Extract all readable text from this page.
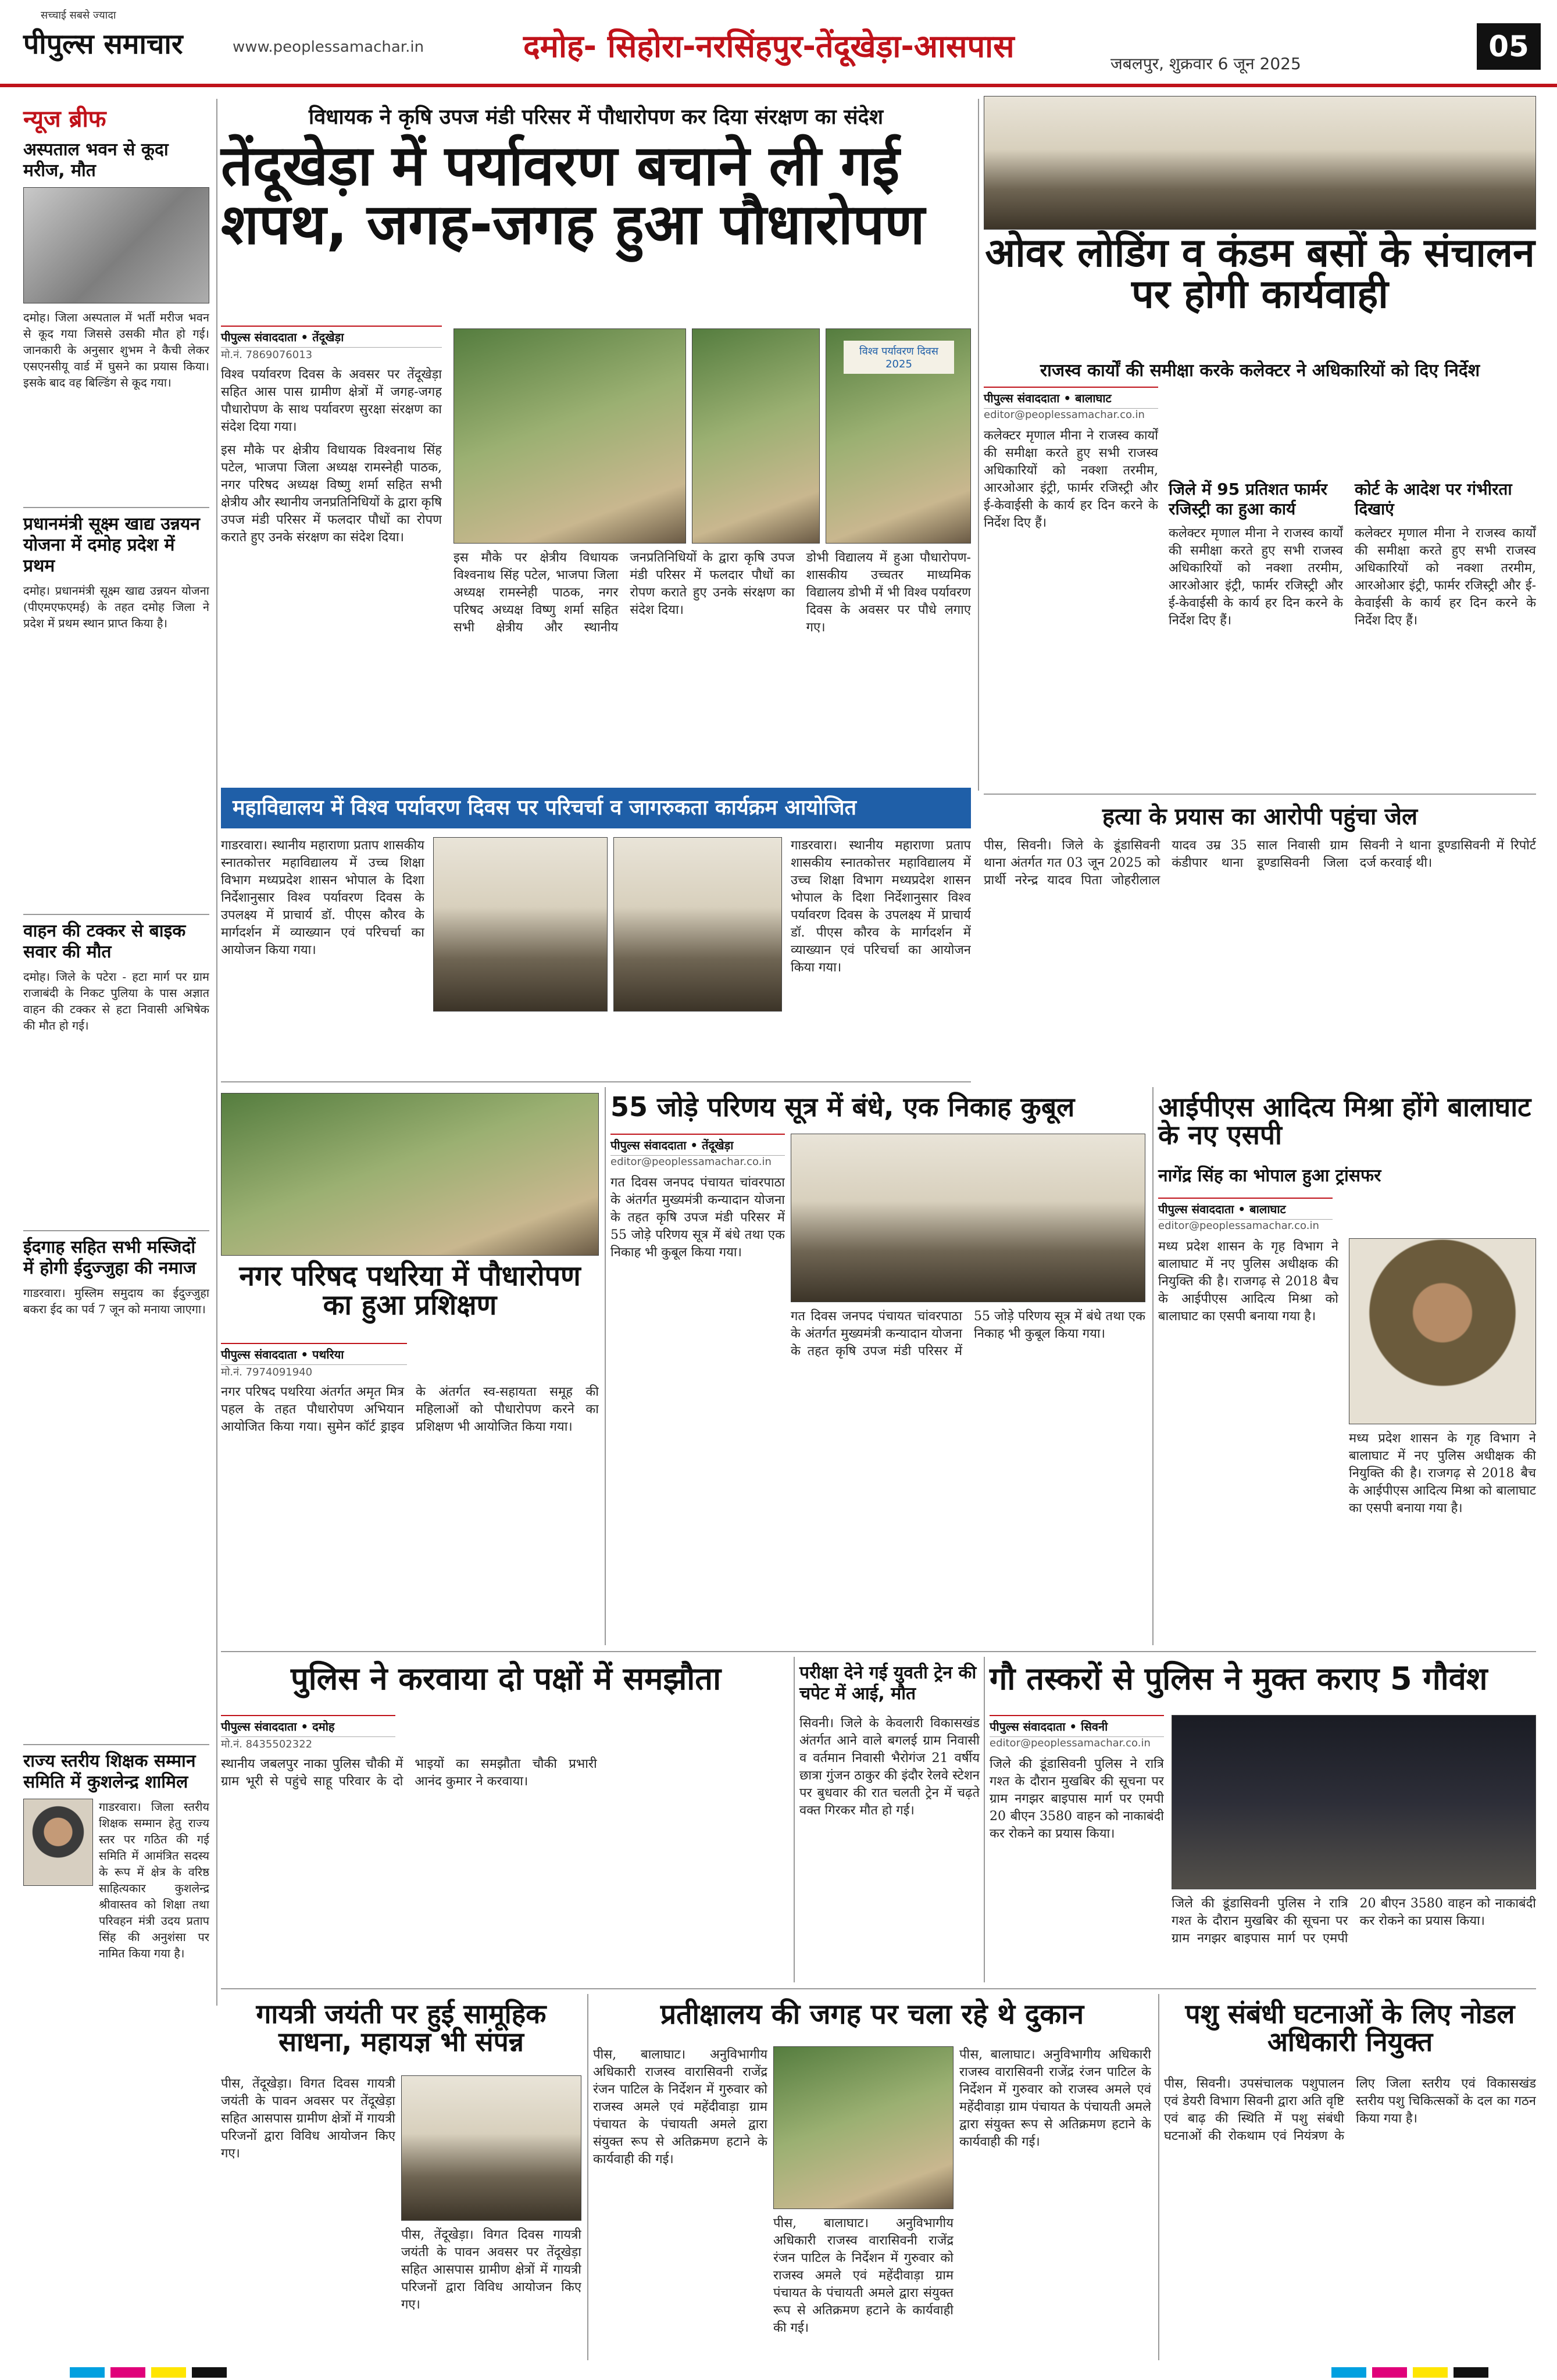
सच्चाई सबसे ज्यादा
पीपुल्स समाचार	www.peoplessamachar.in	दमोह- सिहोरा-नरसिंहपुर-तेंदूखेड़ा-आसपास	जबलपुर, शुक्रवार 6 जून 2025
05
न्यूज ब्रीफ
अस्पताल भवन से कूदा मरीज, मौत
दमोह। जिला अस्पताल में भर्ती मरीज भवन से कूद गया जिससे उसकी मौत हो गई। जानकारी के अनुसार शुभम ने कैची लेकर एसएनसीयू वार्ड में घुसने का प्रयास किया। इसके बाद वह बिल्डिंग से कूद गया।
प्रधानमंत्री सूक्ष्म खाद्य उन्नयन योजना में दमोह प्रदेश में प्रथम
दमोह। प्रधानमंत्री सूक्ष्म खाद्य उन्नयन योजना (पीएमएफएमई) के तहत दमोह जिला ने प्रदेश में प्रथम स्थान प्राप्त किया है।
वाहन की टक्कर से बाइक सवार की मौत
दमोह। जिले के पटेरा - हटा मार्ग पर ग्राम राजाबंदी के निकट पुलिया के पास अज्ञात वाहन की टक्कर से हटा निवासी अभिषेक की मौत हो गई।
ईदगाह सहित सभी मस्जिदों में होगी ईदुज्जुहा की नमाज
गाडरवारा। मुस्लिम समुदाय का ईदुज्जुहा बकरा ईद का पर्व 7 जून को मनाया जाएगा।
राज्य स्तरीय शिक्षक सम्मान समिति में कुशलेन्द्र शामिल
गाडरवारा। जिला स्तरीय शिक्षक सम्मान हेतु राज्य स्तर पर गठित की गई समिति में आमंत्रित सदस्य के रूप में क्षेत्र के वरिष्ठ साहित्यकार कुशलेन्द्र श्रीवास्तव को शिक्षा तथा परिवहन मंत्री उदय प्रताप सिंह की अनुशंसा पर नामित किया गया है।
विधायक ने कृषि उपज मंडी परिसर में पौधारोपण कर दिया संरक्षण का संदेश
तेंदूखेड़ा में पर्यावरण बचाने ली गई शपथ, जगह-जगह हुआ पौधारोपण
पीपुल्स संवाददाता • तेंदूखेड़ा
मो.नं. 7869076013

विश्व पर्यावरण दिवस के अवसर पर तेंदूखेड़ा सहित आस पास ग्रामीण क्षेत्रों में जगह-जगह पौधारोपण के साथ पर्यावरण सुरक्षा संरक्षण का संदेश दिया गया।

इस मौके पर क्षेत्रीय विधायक विश्वनाथ सिंह पटेल, भाजपा जिला अध्यक्ष रामस्नेही पाठक, नगर परिषद अध्यक्ष विष्णु शर्मा सहित सभी क्षेत्रीय और स्थानीय जनप्रतिनिधियों के द्वारा कृषि उपज मंडी परिसर में फलदार पौधों का रोपण कराते हुए उनके संरक्षण का संदेश दिया।

विश्व पर्यावरण दिवस 2025

इस मौके पर क्षेत्रीय विधायक विश्वनाथ सिंह पटेल, भाजपा जिला अध्यक्ष रामस्नेही पाठक, नगर परिषद अध्यक्ष विष्णु शर्मा सहित सभी क्षेत्रीय और स्थानीय जनप्रतिनिधियों के द्वारा कृषि उपज मंडी परिसर में फलदार पौधों का रोपण कराते हुए उनके संरक्षण का संदेश दिया।

डोभी विद्यालय में हुआ पौधारोपण- शासकीय उच्चतर माध्यमिक विद्यालय डोभी में भी विश्व पर्यावरण दिवस के अवसर पर पौधे लगाए गए।

ओवर लोडिंग व कंडम बसों के संचालन पर होगी कार्यवाही
राजस्व कार्यों की समीक्षा करके कलेक्टर ने अधिकारियों को दिए निर्देश
पीपुल्स संवाददाता • बालाघाट
editor@peoplessamachar.co.in
कलेक्टर मृणाल मीना ने राजस्व कार्यों की समीक्षा करते हुए सभी राजस्व अधिकारियों को नक्शा तरमीम, आरओआर इंट्री, फार्मर रजिस्ट्री और ई-केवाईसी के कार्य हर दिन करने के निर्देश दिए हैं।
जिले में 95 प्रतिशत फार्मर रजिस्ट्री का हुआ कार्य
कलेक्टर मृणाल मीना ने राजस्व कार्यों की समीक्षा करते हुए सभी राजस्व अधिकारियों को नक्शा तरमीम, आरओआर इंट्री, फार्मर रजिस्ट्री और ई-केवाईसी के कार्य हर दिन करने के निर्देश दिए हैं।
कोर्ट के आदेश पर गंभीरता दिखाएं
कलेक्टर मृणाल मीना ने राजस्व कार्यों की समीक्षा करते हुए सभी राजस्व अधिकारियों को नक्शा तरमीम, आरओआर इंट्री, फार्मर रजिस्ट्री और ई-केवाईसी के कार्य हर दिन करने के निर्देश दिए हैं।
हत्या के प्रयास का आरोपी पहुंचा जेल
पीस, सिवनी। जिले के डूंडासिवनी थाना अंतर्गत गत 03 जून 2025 को प्रार्थी नरेन्द्र यादव पिता जोहरीलाल यादव उम्र 35 साल निवासी ग्राम कंडीपार थाना डूण्डासिवनी जिला सिवनी ने थाना डूण्डासिवनी में रिपोर्ट दर्ज करवाई थी।
महाविद्यालय में विश्व पर्यावरण दिवस पर परिचर्चा व जागरुकता कार्यक्रम आयोजित
गाडरवारा। स्थानीय महाराणा प्रताप शासकीय स्नातकोत्तर महाविद्यालय में उच्च शिक्षा विभाग मध्यप्रदेश शासन भोपाल के दिशा निर्देशानुसार विश्व पर्यावरण दिवस के उपलक्ष्य में प्राचार्य डॉ. पीएस कौरव के मार्गदर्शन में व्याख्यान एवं परिचर्चा का आयोजन किया गया।
गाडरवारा। स्थानीय महाराणा प्रताप शासकीय स्नातकोत्तर महाविद्यालय में उच्च शिक्षा विभाग मध्यप्रदेश शासन भोपाल के दिशा निर्देशानुसार विश्व पर्यावरण दिवस के उपलक्ष्य में प्राचार्य डॉ. पीएस कौरव के मार्गदर्शन में व्याख्यान एवं परिचर्चा का आयोजन किया गया।
नगर परिषद पथरिया में पौधारोपण का हुआ प्रशिक्षण
पीपुल्स संवाददाता • पथरिया
मो.नं. 7974091940
नगर परिषद पथरिया अंतर्गत अमृत मित्र पहल के तहत पौधारोपण अभियान आयोजित किया गया। सुमेन कॉर्ट ड्राइव के अंतर्गत स्व-सहायता समूह की महिलाओं को पौधारोपण करने का प्रशिक्षण भी आयोजित किया गया।
55 जोड़े परिणय सूत्र में बंधे, एक निकाह कुबूल
पीपुल्स संवाददाता • तेंदूखेड़ा
editor@peoplessamachar.co.in
गत दिवस जनपद पंचायत चांवरपाठा के अंतर्गत मुख्यमंत्री कन्यादान योजना के तहत कृषि उपज मंडी परिसर में 55 जोड़े परिणय सूत्र में बंधे तथा एक निकाह भी कुबूल किया गया।
गत दिवस जनपद पंचायत चांवरपाठा के अंतर्गत मुख्यमंत्री कन्यादान योजना के तहत कृषि उपज मंडी परिसर में 55 जोड़े परिणय सूत्र में बंधे तथा एक निकाह भी कुबूल किया गया।
आईपीएस आदित्य मिश्रा होंगे बालाघाट के नए एसपी
नागेंद्र सिंह का भोपाल हुआ ट्रांसफर
पीपुल्स संवाददाता • बालाघाट
editor@peoplessamachar.co.in
मध्य प्रदेश शासन के गृह विभाग ने बालाघाट में नए पुलिस अधीक्षक की नियुक्ति की है। राजगढ़ से 2018 बैच के आईपीएस आदित्य मिश्रा को बालाघाट का एसपी बनाया गया है।
मध्य प्रदेश शासन के गृह विभाग ने बालाघाट में नए पुलिस अधीक्षक की नियुक्ति की है। राजगढ़ से 2018 बैच के आईपीएस आदित्य मिश्रा को बालाघाट का एसपी बनाया गया है।
पुलिस ने करवाया दो पक्षों में समझौता
पीपुल्स संवाददाता • दमोह
मो.नं. 8435502322
स्थानीय जबलपुर नाका पुलिस चौकी में ग्राम भूरी से पहुंचे साहू परिवार के दो भाइयों का समझौता चौकी प्रभारी आनंद कुमार ने करवाया।
परीक्षा देने गई युवती ट्रेन की चपेट में आई, मौत
सिवनी। जिले के केवलारी विकासखंड अंतर्गत आने वाले बगलई ग्राम निवासी व वर्तमान निवासी भैरोगंज 21 वर्षीय छात्रा गुंजन ठाकुर की इंदौर रेलवे स्टेशन पर बुधवार की रात चलती ट्रेन में चढ़ते वक्त गिरकर मौत हो गई।
गौ तस्करों से पुलिस ने मुक्त कराए 5 गौवंश
पीपुल्स संवाददाता • सिवनी
editor@peoplessamachar.co.in
जिले की डूंडासिवनी पुलिस ने रात्रि गश्त के दौरान मुखबिर की सूचना पर ग्राम नगझर बाइपास मार्ग पर एमपी 20 बीएन 3580 वाहन को नाकाबंदी कर रोकने का प्रयास किया।
जिले की डूंडासिवनी पुलिस ने रात्रि गश्त के दौरान मुखबिर की सूचना पर ग्राम नगझर बाइपास मार्ग पर एमपी 20 बीएन 3580 वाहन को नाकाबंदी कर रोकने का प्रयास किया।
गायत्री जयंती पर हुई सामूहिक साधना, महायज्ञ भी संपन्न
पीस, तेंदूखेड़ा। विगत दिवस गायत्री जयंती के पावन अवसर पर तेंदूखेड़ा सहित आसपास ग्रामीण क्षेत्रों में गायत्री परिजनों द्वारा विविध आयोजन किए गए।
पीस, तेंदूखेड़ा। विगत दिवस गायत्री जयंती के पावन अवसर पर तेंदूखेड़ा सहित आसपास ग्रामीण क्षेत्रों में गायत्री परिजनों द्वारा विविध आयोजन किए गए।
प्रतीक्षालय की जगह पर चला रहे थे दुकान
पीस, बालाघाट। अनुविभागीय अधिकारी राजस्व वारासिवनी राजेंद्र रंजन पाटिल के निर्देशन में गुरुवार को राजस्व अमले एवं महेंदीवाड़ा ग्राम पंचायत के पंचायती अमले द्वारा संयुक्त रूप से अतिक्रमण हटाने के कार्यवाही की गई।
पीस, बालाघाट। अनुविभागीय अधिकारी राजस्व वारासिवनी राजेंद्र रंजन पाटिल के निर्देशन में गुरुवार को राजस्व अमले एवं महेंदीवाड़ा ग्राम पंचायत के पंचायती अमले द्वारा संयुक्त रूप से अतिक्रमण हटाने के कार्यवाही की गई।
पीस, बालाघाट। अनुविभागीय अधिकारी राजस्व वारासिवनी राजेंद्र रंजन पाटिल के निर्देशन में गुरुवार को राजस्व अमले एवं महेंदीवाड़ा ग्राम पंचायत के पंचायती अमले द्वारा संयुक्त रूप से अतिक्रमण हटाने के कार्यवाही की गई।
पशु संबंधी घटनाओं के लिए नोडल अधिकारी नियुक्त
पीस, सिवनी। उपसंचालक पशुपालन एवं डेयरी विभाग सिवनी द्वारा अति वृष्टि एवं बाढ़ की स्थिति में पशु संबंधी घटनाओं की रोकथाम एवं नियंत्रण के लिए जिला स्तरीय एवं विकासखंड स्तरीय पशु चिकित्सकों के दल का गठन किया गया है।
